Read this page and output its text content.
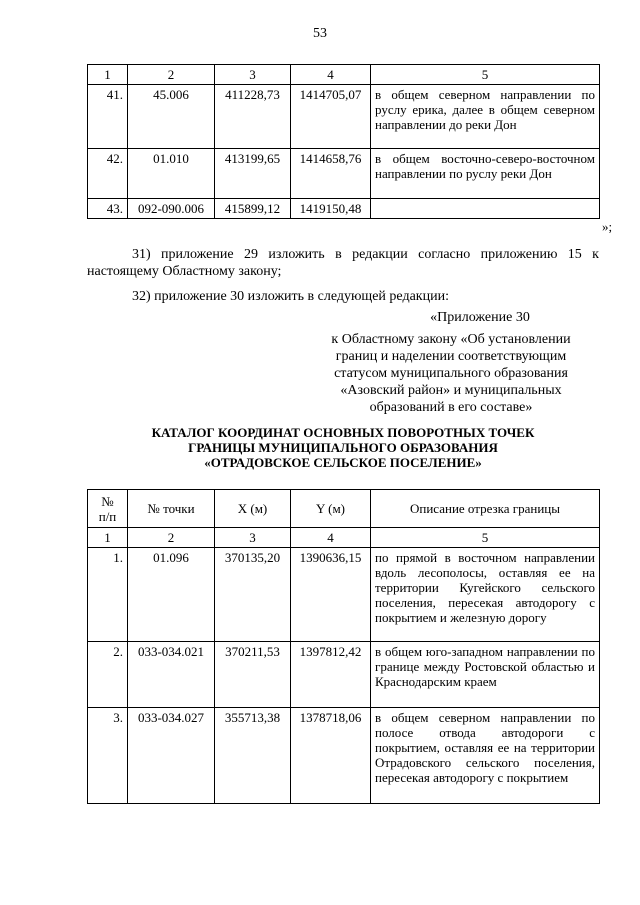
53
1	2	3	4	5
41.	45.006	411228,73	1414705,07	в общем северном направлении по руслу ерика, далее в общем северном направлении до реки Дон
42.	01.010	413199,65	1414658,76	в общем восточно-северо-восточном направлении по руслу реки Дон
43.	092-090.006	415899,12	1419150,48	
»;
31) приложение 29 изложить в редакции согласно приложению 15 к настоящему Областному закону;
32) приложение 30 изложить в следующей редакции:
«Приложение 30
к Областному закону «Об установлении
границ и наделении соответствующим
статусом муниципального образования
«Азовский район» и муниципальных
образований в его составе»
КАТАЛОГ КООРДИНАТ ОСНОВНЫХ ПОВОРОТНЫХ ТОЧЕК
ГРАНИЦЫ МУНИЦИПАЛЬНОГО ОБРАЗОВАНИЯ
«ОТРАДОВСКОЕ СЕЛЬСКОЕ ПОСЕЛЕНИЕ»
№
п/п	№ точки	X (м)	Y (м)	Описание отрезка границы
1	2	3	4	5
1.	01.096	370135,20	1390636,15	по прямой в восточном направлении вдоль лесополосы, оставляя ее на территории Кугейского сельского поселения, пересекая автодорогу с покрытием и железную дорогу
2.	033-034.021	370211,53	1397812,42	в общем юго-западном направлении по границе между Ростовской областью и Краснодарским краем
3.	033-034.027	355713,38	1378718,06	в общем северном направлении по полосе отвода автодороги с покрытием, оставляя ее на территории Отрадовского сельского поселения, пересекая автодорогу с покрытием
